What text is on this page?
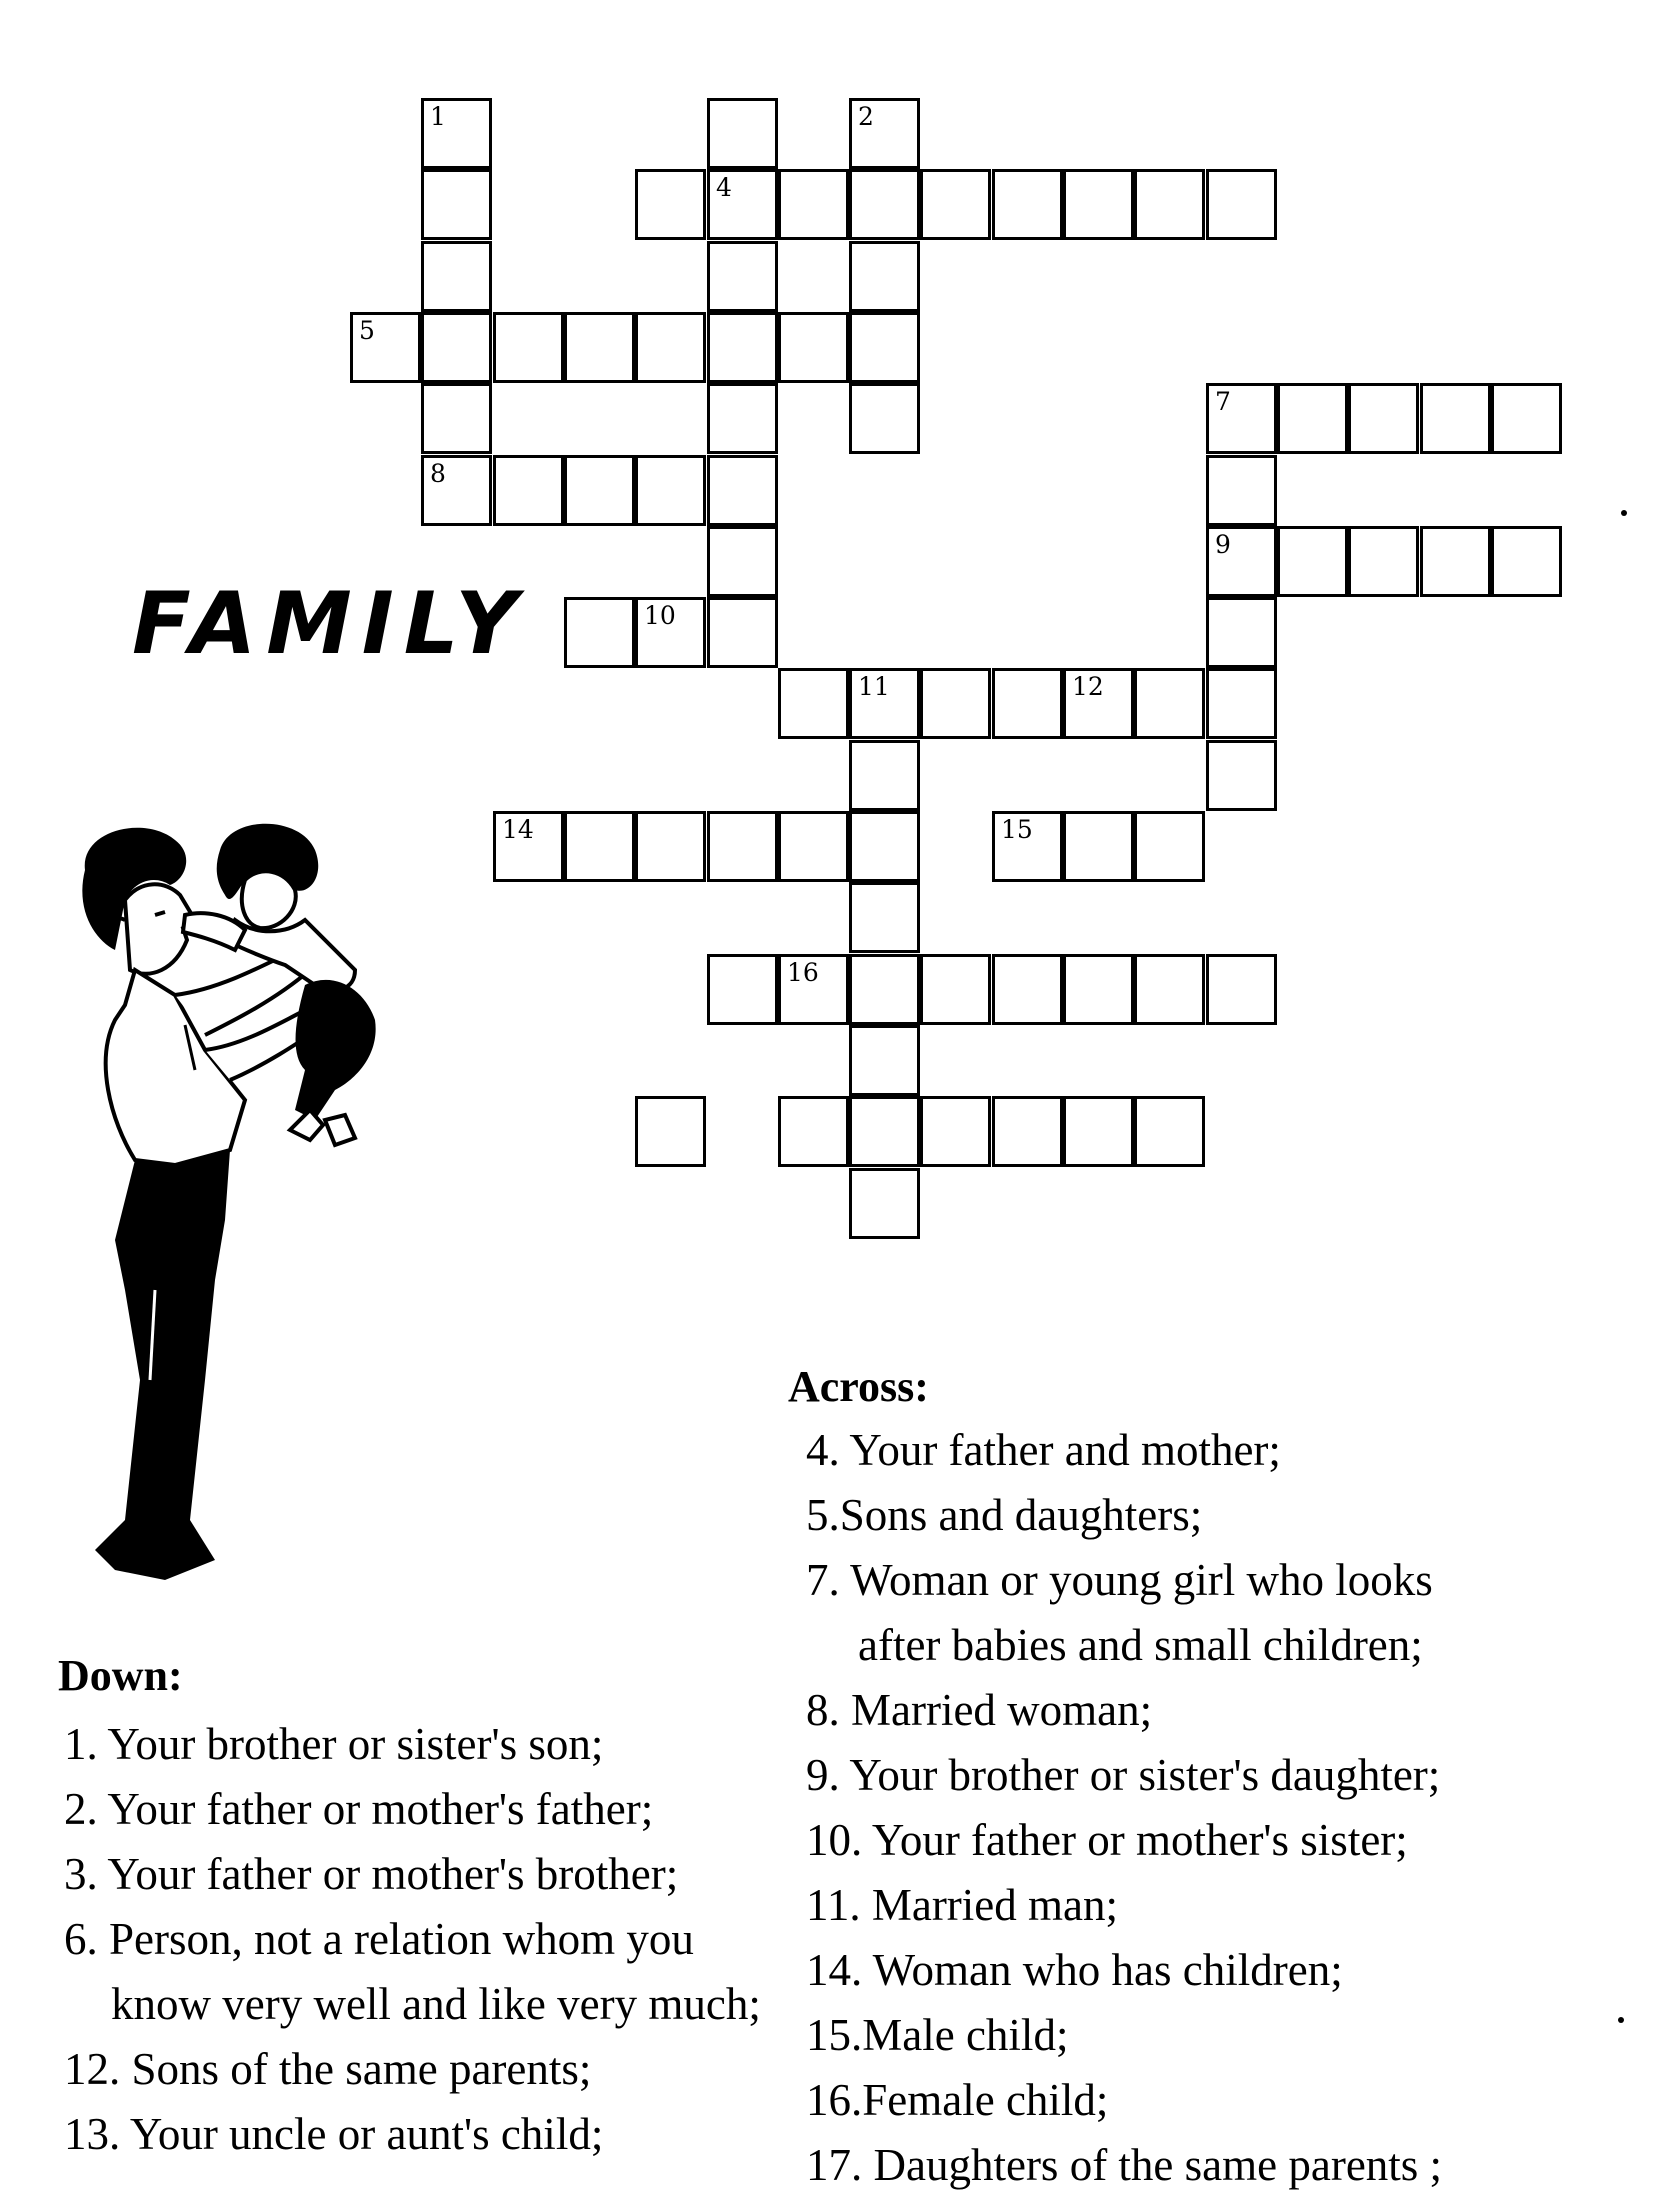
1
8
4
2
5
7
9
10
11	12
14	15
16
FAMILY
Down:
1. Your brother or sister's son;
2. Your father or mother's father;
3. Your father or mother's brother;
6. Person, not a relation whom you
know very well and like very much;
12. Sons of the same parents;
13. Your uncle or aunt's child;
Across:
4. Your father and mother;
5.Sons and daughters;
7. Woman or young girl who looks
after babies and small children;
8. Married woman;
9. Your brother or sister's daughter;
10. Your father or mother's sister;
11. Married man;
14. Woman who has children;
15.Male child;
16.Female child;
17. Daughters of the same parents ;
